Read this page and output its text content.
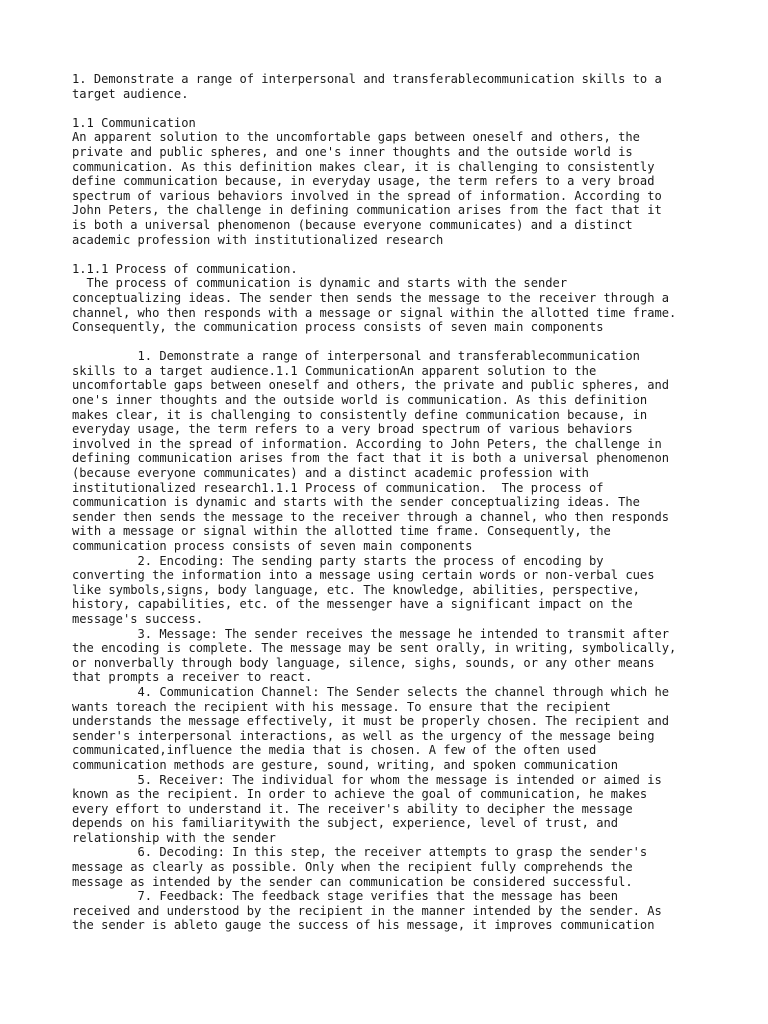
1. Demonstrate a range of interpersonal and transferablecommunication skills to a
target audience.
1.1 Communication
An apparent solution to the uncomfortable gaps between oneself and others, the
private and public spheres, and one's inner thoughts and the outside world is
communication. As this definition makes clear, it is challenging to consistently
define communication because, in everyday usage, the term refers to a very broad
spectrum of various behaviors involved in the spread of information. According to
John Peters, the challenge in defining communication arises from the fact that it
is both a universal phenomenon (because everyone communicates) and a distinct
academic profession with institutionalized research
1.1.1 Process of communication.
The process of communication is dynamic and starts with the sender
conceptualizing ideas. The sender then sends the message to the receiver through a
channel, who then responds with a message or signal within the allotted time frame.
Consequently, the communication process consists of seven main components
1. Demonstrate a range of interpersonal and transferablecommunication
skills to a target audience.1.1 CommunicationAn apparent solution to the
uncomfortable gaps between oneself and others, the private and public spheres, and
one's inner thoughts and the outside world is communication. As this definition
makes clear, it is challenging to consistently define communication because, in
everyday usage, the term refers to a very broad spectrum of various behaviors
involved in the spread of information. According to John Peters, the challenge in
defining communication arises from the fact that it is both a universal phenomenon
(because everyone communicates) and a distinct academic profession with
institutionalized research1.1.1 Process of communication.  The process of
communication is dynamic and starts with the sender conceptualizing ideas. The
sender then sends the message to the receiver through a channel, who then responds
with a message or signal within the allotted time frame. Consequently, the
communication process consists of seven main components
2. Encoding: The sending party starts the process of encoding by
converting the information into a message using certain words or non-verbal cues
like symbols,signs, body language, etc. The knowledge, abilities, perspective,
history, capabilities, etc. of the messenger have a significant impact on the
message's success.
3. Message: The sender receives the message he intended to transmit after
the encoding is complete. The message may be sent orally, in writing, symbolically,
or nonverbally through body language, silence, sighs, sounds, or any other means
that prompts a receiver to react.
4. Communication Channel: The Sender selects the channel through which he
wants toreach the recipient with his message. To ensure that the recipient
understands the message effectively, it must be properly chosen. The recipient and
sender's interpersonal interactions, as well as the urgency of the message being
communicated,influence the media that is chosen. A few of the often used
communication methods are gesture, sound, writing, and spoken communication
5. Receiver: The individual for whom the message is intended or aimed is
known as the recipient. In order to achieve the goal of communication, he makes
every effort to understand it. The receiver's ability to decipher the message
depends on his familiaritywith the subject, experience, level of trust, and
relationship with the sender
6. Decoding: In this step, the receiver attempts to grasp the sender's
message as clearly as possible. Only when the recipient fully comprehends the
message as intended by the sender can communication be considered successful.
7. Feedback: The feedback stage verifies that the message has been
received and understood by the recipient in the manner intended by the sender. As
the sender is ableto gauge the success of his message, it improves communication
